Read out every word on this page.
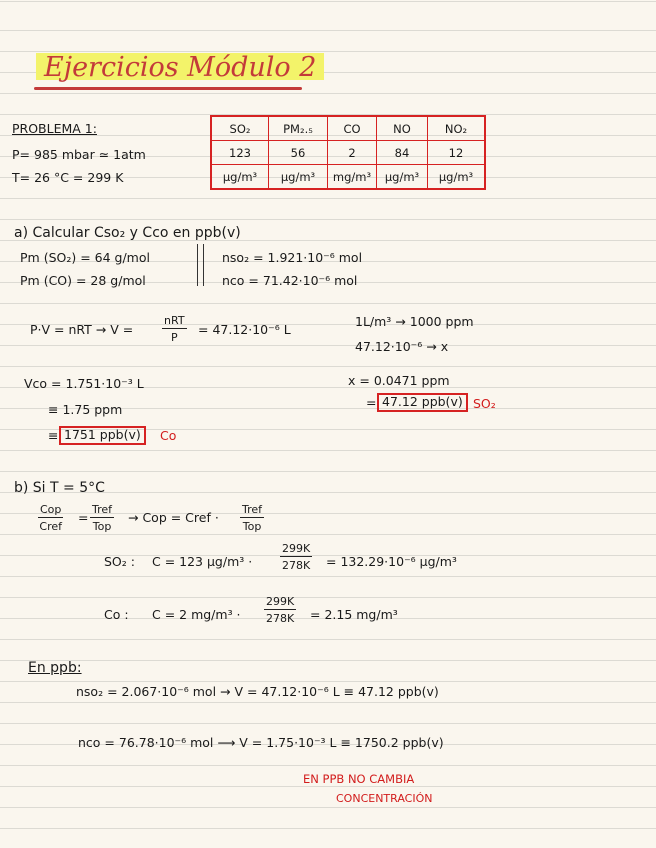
Ejercicios Módulo 2
PROBLEMA 1:
P= 985 mbar ≃ 1atm
T= 26 °C = 299 K
SO₂	PM₂.₅	CO	NO	NO₂
123	56	2	84	12
μg/m³	μg/m³	mg/m³	μg/m³	μg/m³
a) Calcular Cso₂ y Cco en ppb(v)
Pm (SO₂) = 64 g/mol
Pm (CO) = 28 g/mol
nso₂ = 1.921·10⁻⁶ mol
nco = 71.42·10⁻⁶ mol
P·V = nRT → V =
nRT
P
= 47.12·10⁻⁶ L
1L/m³ → 1000 ppm
47.12·10⁻⁶ → x
x = 0.0471 ppm
= 47.12 ppb(v) SO₂
Vco = 1.751·10⁻³ L
≡ 1.75 ppm
≡ 1751 ppb(v)	Co
b) Si T = 5°C
Cop
Cref
=
Tref
Top
→ Cop = Cref ·
Tref
Top
SO₂ : C = 123 μg/m³ ·	$\frac{299K}{278K} = 132.29\cdot 10^{-6}$ μg/m³
Co : C = 2 $mg/m^3 \cdot \frac{299K}{278K} = 2.15$ mg/m³
En ppb:
nso₂ = 2.067·10⁻⁶ mol → V = 47.12·10⁻⁶ L ≡ 47.12 ppb(v)
nco = 76.78·10⁻⁶ mol ⟶ V = 1.75·10⁻³ L ≡ 1750.2 ppb(v)
EN PPB NO CAMBIA
CONCENTRACIÓN
